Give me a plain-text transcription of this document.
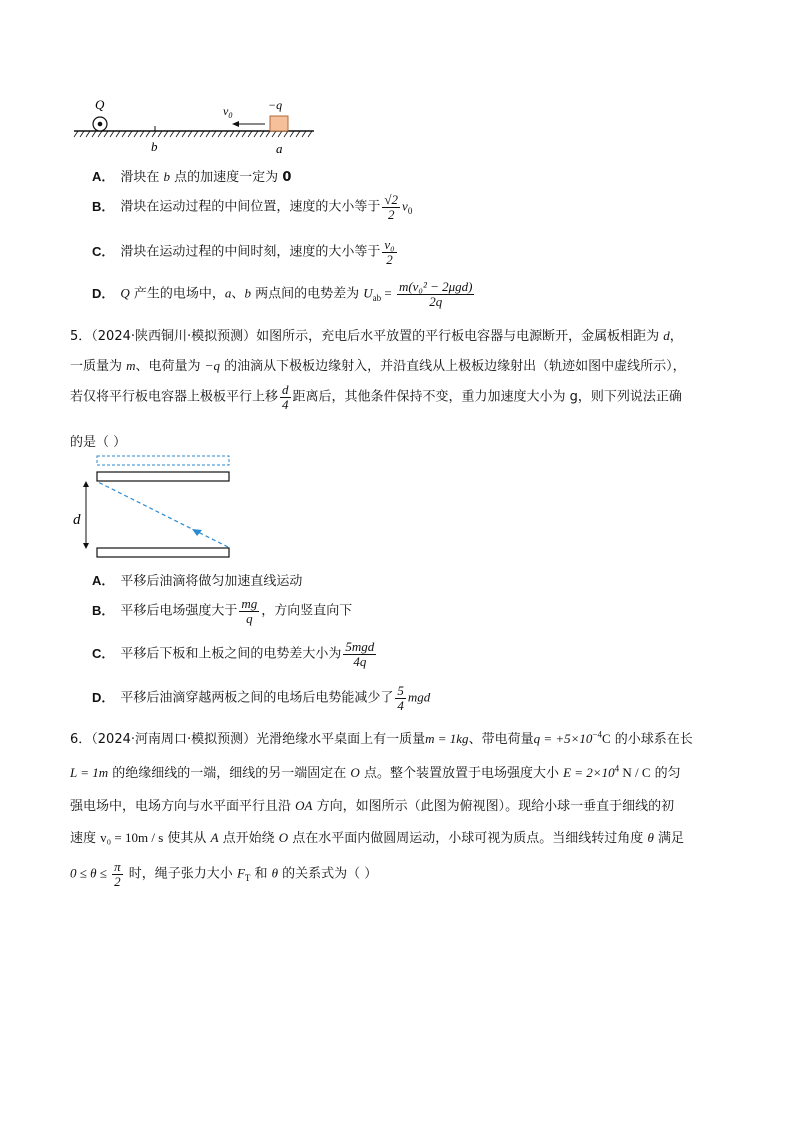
Q	−q
$v_0$
b	a
A． 滑块在 b 点的加速度一定为 0
B． 滑块在运动过程的中间位置，速度的大小等于 $\frac{√2}{2} v_0$
C． 滑块在运动过程的中间时刻，速度的大小等于 $\frac{\text{v₀}}{2}$
D． Q 产生的电场中，a、b 两点间的电势差为 $U_{ab} = \frac{\text{m(v₀² − 2μgd)}}{2q}$
5．（2024·陕西铜川·模拟预测）如图所示，充电后水平放置的平行板电容器与电源断开，金属板相距为 d，
一质量为 m、电荷量为 −q 的油滴从下极板边缘射入，并沿直线从上极板边缘射出（轨迹如图中虚线所示），
若仅将平行板电容器上极板平行上移 $\frac{d}{4}$ 距离后，其他条件保持不变，重力加速度大小为 g，则下列说法正确
的是（ ）
d
A． 平移后油滴将做匀加速直线运动
B． 平移后电场强度大于 $\frac{mg}{q}$ ，方向竖直向下
C． 平移后下板和上板之间的电势差大小为 $\frac{\text{5mgd}}{4q}$
D． 平移后油滴穿越两板之间的电场后电势能减少了 $\frac{5}{4}$ mgd
6．（2024·河南周口·模拟预测）光滑绝缘水平桌面上有一质量m = 1kg、带电荷量$q = +5\times 10^{-4}C$ 的小球系在长
L = 1m 的绝缘细线的一端，细线的另一端固定在 O 点。整个装置放置于电场强度大小 $E = 2\times 10^4$ N / C 的匀
强电场中，电场方向与水平面平行且沿 OA 方向，如图所示（此图为俯视图）。现给小球一垂直于细线的初
速度 v₀ = 10m / s 使其从 A 点开始绕 O 点在水平面内做圆周运动，小球可视为质点。当细线转过角度 θ 满足
$0 \le \theta \le \frac{\pi}{2}$ 时，绳子张力大小 $F_T$ 和 θ 的关系式为（ ）
